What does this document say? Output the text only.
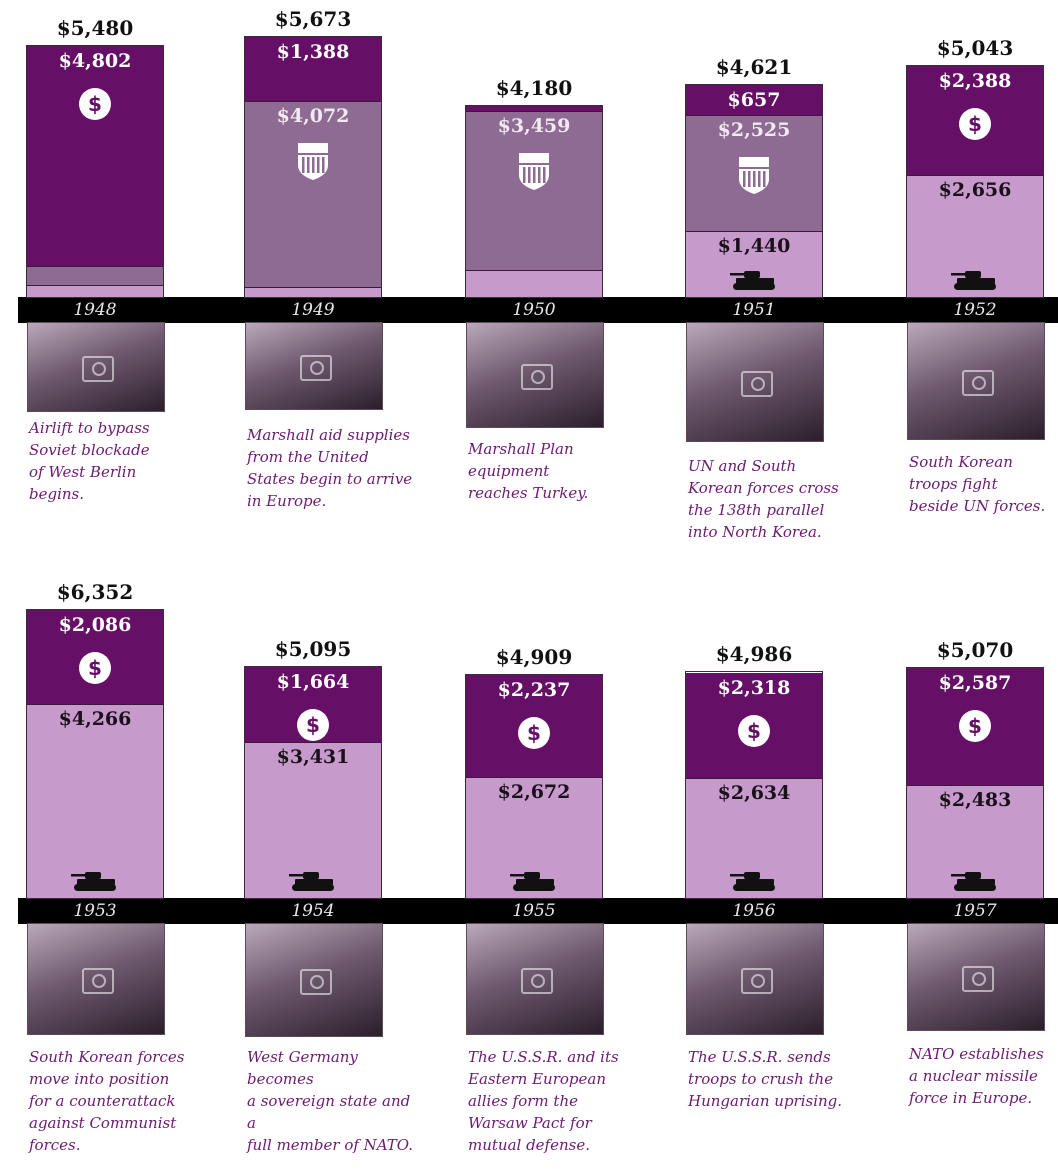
$4,802
$
$5,480
1948
Airlift to bypass
Soviet blockade
of West Berlin
begins.
$4,072
$1,388
$5,673
1949
Marshall aid supplies
from the United
States begin to arrive
in Europe.
$3,459
$4,180
1950
Marshall Plan
equipment
reaches Turkey.
$1,440
$2,525
$657
$4,621
1951
UN and South
Korean forces cross
the 138th parallel
into North Korea.
$2,656
$2,388
$
$5,043
1952
South Korean
troops fight
beside UN forces.
$4,266
$2,086
$
$6,352
1953
South Korean forces
move into position
for a counterattack
against Communist
forces.
$3,431
$1,664
$
$5,095
1954
West Germany becomes
a sovereign state and a
full member of NATO.
$2,672
$2,237
$
$4,909
1955
The U.S.S.R. and its
Eastern European
allies form the
Warsaw Pact for
mutual defense.
$2,634
$2,318
$
$4,986
1956
The U.S.S.R. sends
troops to crush the
Hungarian uprising.
$2,483
$2,587
$
$5,070
1957
NATO establishes
a nuclear missile
force in Europe.
